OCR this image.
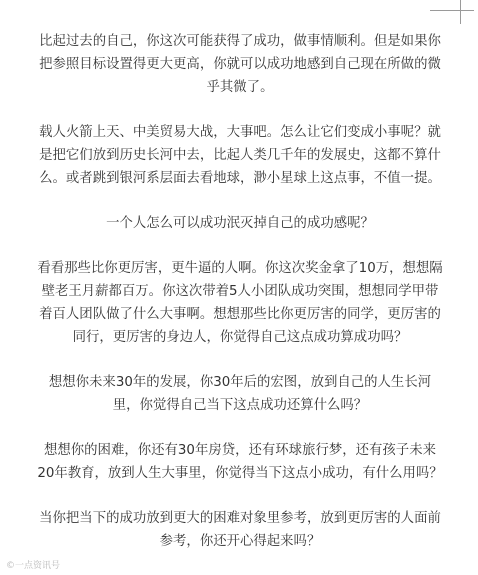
比起过去的自己，你这次可能获得了成功，做事情顺利。但是如果你
把参照目标设置得更大更高，你就可以成功地感到自己现在所做的微
乎其微了。

载人火箭上天、中美贸易大战，大事吧。怎么让它们变成小事呢？就
是把它们放到历史长河中去，比起人类几千年的发展史，这都不算什
么。或者跳到银河系层面去看地球，渺小星球上这点事，不值一提。

一个人怎么可以成功泯灭掉自己的成功感呢？

看看那些比你更厉害，更牛逼的人啊。你这次奖金拿了10万，想想隔
壁老王月薪都百万。你这次带着5人小团队成功突围，想想同学甲带
着百人团队做了什么大事啊。想想那些比你更厉害的同学，更厉害的
同行，更厉害的身边人，你觉得自己这点成功算成功吗？

想想你未来30年的发展，你30年后的宏图，放到自己的人生长河
里，你觉得自己当下这点成功还算什么吗？

想想你的困难，你还有30年房贷，还有环球旅行梦，还有孩子未来
20年教育，放到人生大事里，你觉得当下这点小成功，有什么用吗？

当你把当下的成功放到更大的困难对象里参考，放到更厉害的人面前
参考，你还开心得起来吗？

©一点资讯号
